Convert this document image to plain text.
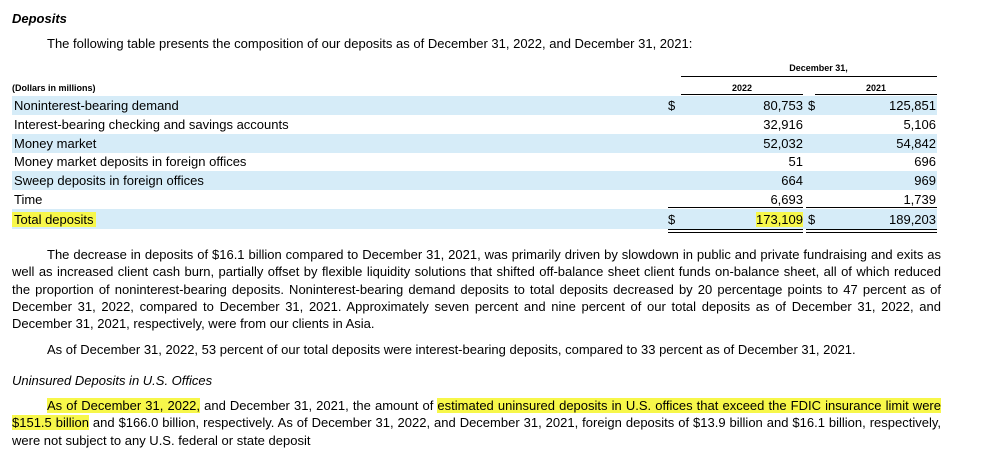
Deposits
The following table presents the composition of our deposits as of December 31, 2022, and December 31, 2021:
December 31,
(Dollars in millions)	2022	2021
Noninterest-bearing demand	$	80,753 $	125,851
Interest-bearing checking and savings accounts	32,916	5,106
Money market	52,032	54,842
Money market deposits in foreign offices	51	696
Sweep deposits in foreign offices	664	969
Time	6,693	1,739
Total deposits	$	173,109 $	189,203

The decrease in deposits of $16.1 billion compared to December 31, 2021, was primarily driven by slowdown in public and private fundraising and exits as well as increased client cash burn, partially offset by flexible liquidity solutions that shifted off-balance sheet client funds on-balance sheet, all of which reduced the proportion of noninterest-bearing deposits. Noninterest-bearing demand deposits to total deposits decreased by 20 percentage points to 47 percent as of December 31, 2022, compared to December 31, 2021. Approximately seven percent and nine percent of our total deposits as of December 31, 2022, and December 31, 2021, respectively, were from our clients in Asia.

As of December 31, 2022, 53 percent of our total deposits were interest-bearing deposits, compared to 33 percent as of December 31, 2021.

Uninsured Deposits in U.S. Offices

As of December 31, 2022, and December 31, 2021, the amount of estimated uninsured deposits in U.S. offices that exceed the FDIC insurance limit were $151.5 billion and $166.0 billion, respectively. As of December 31, 2022, and December 31, 2021, foreign deposits of $13.9 billion and $16.1 billion, respectively, were not subject to any U.S. federal or state deposit
